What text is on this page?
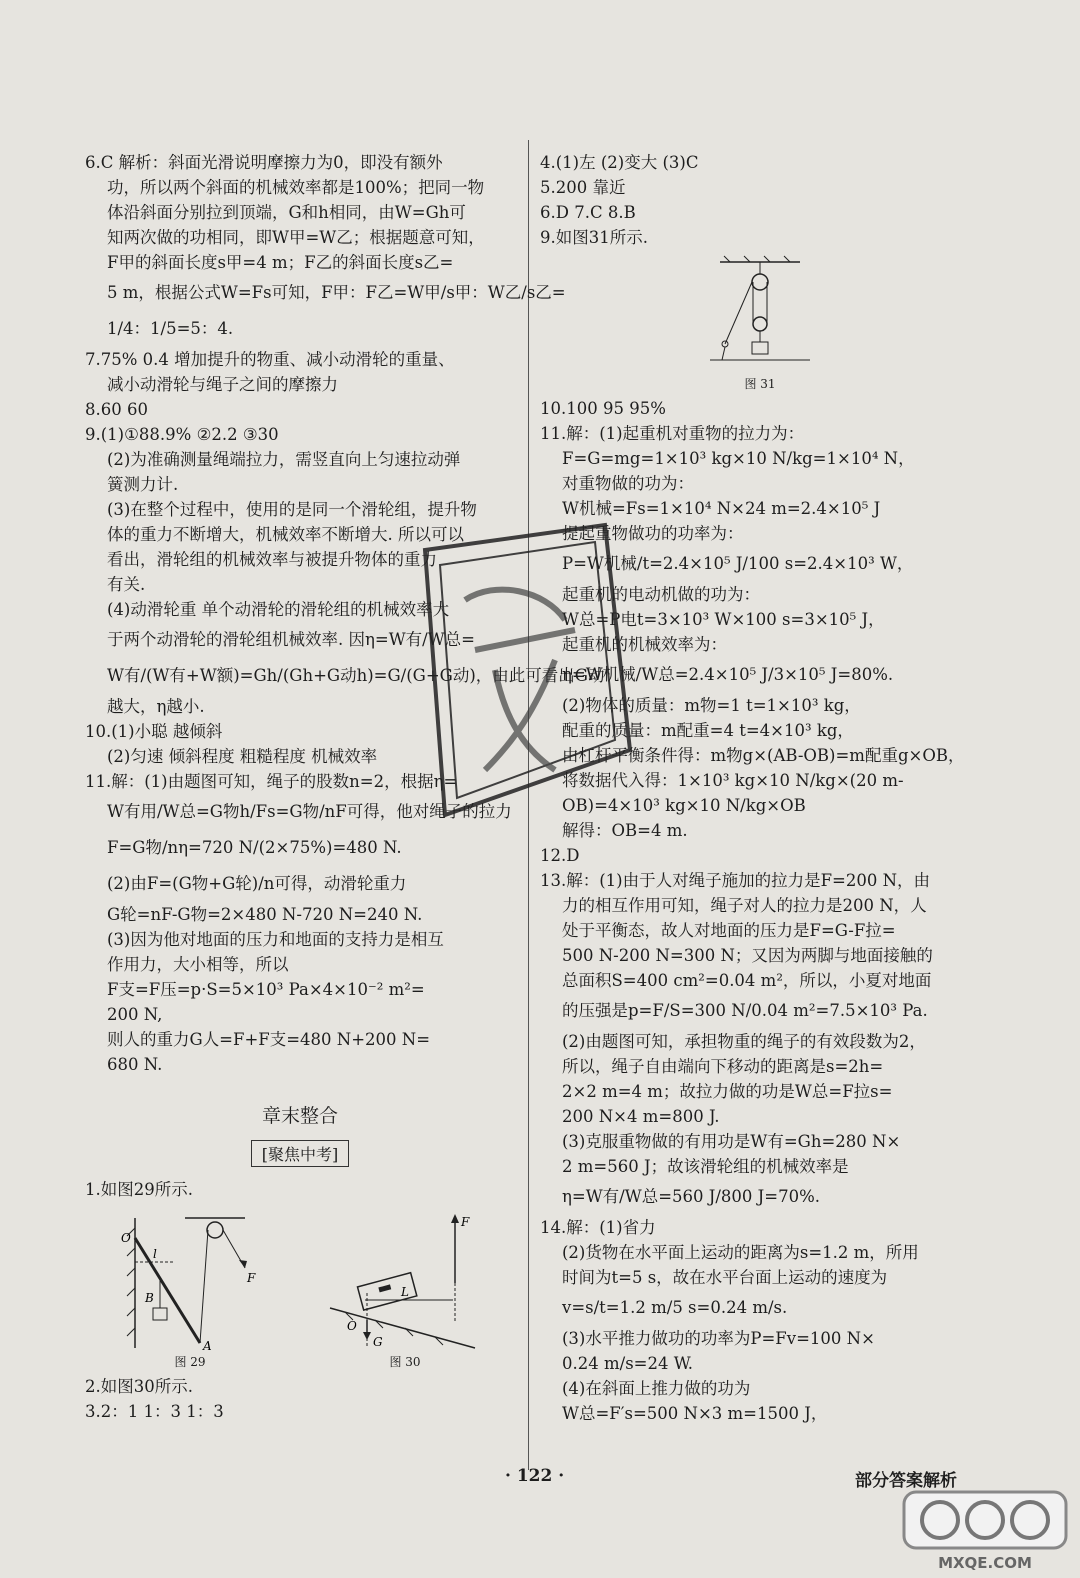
6.C 解析：斜面光滑说明摩擦力为0，即没有额外
功，所以两个斜面的机械效率都是100%；把同一物
体沿斜面分别拉到顶端，G和h相同，由W=Gh可
知两次做的功相同，即W甲=W乙；根据题意可知，
F甲的斜面长度s甲=4 m；F乙的斜面长度s乙=
5 m，根据公式W=Fs可知，F甲：F乙=W甲/s甲：W乙/s乙=
1/4：1/5=5：4.
7.75% 0.4 增加提升的物重、减小动滑轮的重量、
减小动滑轮与绳子之间的摩擦力
8.60 60
9.(1)①88.9% ②2.2 ③30
(2)为准确测量绳端拉力，需竖直向上匀速拉动弹
簧测力计.
(3)在整个过程中，使用的是同一个滑轮组，提升物
体的重力不断增大，机械效率不断增大. 所以可以
看出，滑轮组的机械效率与被提升物体的重力
有关.
(4)动滑轮重 单个动滑轮的滑轮组的机械效率大
于两个动滑轮的滑轮组机械效率. 因η=W有/W总=
W有/(W有+W额)=Gh/(Gh+G动h)=G/(G+G动)，由此可看出G动
越大，η越小.
10.(1)小聪 越倾斜
(2)匀速 倾斜程度 粗糙程度 机械效率
11.解：(1)由题图可知，绳子的股数n=2，根据η=
W有用/W总=G物h/Fs=G物/nF可得，他对绳子的拉力
F=G物/nη=720 N/(2×75%)=480 N.
(2)由F=(G物+G轮)/n可得，动滑轮重力
G轮=nF-G物=2×480 N-720 N=240 N.
(3)因为他对地面的压力和地面的支持力是相互
作用力，大小相等，所以
F支=F压=p·S=5×10³ Pa×4×10⁻² m²=
200 N,
则人的重力G人=F+F支=480 N+200 N=
680 N.
章末整合
[聚焦中考]
1.如图29所示.
O
l
F
B
A
图 29
F
L
O
G
图 30
2.如图30所示.
3.2：1 1：3 1：3
4.(1)左 (2)变大 (3)C
5.200 靠近
6.D 7.C 8.B
9.如图31所示.
图 31
10.100 95 95%
11.解：(1)起重机对重物的拉力为：
F=G=mg=1×10³ kg×10 N/kg=1×10⁴ N，
对重物做的功为：
W机械=Fs=1×10⁴ N×24 m=2.4×10⁵ J
提起重物做功的功率为：
P=W机械/t=2.4×10⁵ J/100 s=2.4×10³ W，
起重机的电动机做的功为：
W总=P电t=3×10³ W×100 s=3×10⁵ J，
起重机的机械效率为：
η=W机械/W总=2.4×10⁵ J/3×10⁵ J=80%.
(2)物体的质量：m物=1 t=1×10³ kg，
配重的质量：m配重=4 t=4×10³ kg，
由杠杆平衡条件得：m物g×(AB-OB)=m配重g×OB，
将数据代入得：1×10³ kg×10 N/kg×(20 m-
OB)=4×10³ kg×10 N/kg×OB
解得：OB=4 m.
12.D
13.解：(1)由于人对绳子施加的拉力是F=200 N，由
力的相互作用可知，绳子对人的拉力是200 N，人
处于平衡态，故人对地面的压力是F=G-F拉=
500 N-200 N=300 N；又因为两脚与地面接触的
总面积S=400 cm²=0.04 m²，所以，小夏对地面
的压强是p=F/S=300 N/0.04 m²=7.5×10³ Pa.
(2)由题图可知，承担物重的绳子的有效段数为2，
所以，绳子自由端向下移动的距离是s=2h=
2×2 m=4 m；故拉力做的功是W总=F拉s=
200 N×4 m=800 J.
(3)克服重物做的有用功是W有=Gh=280 N×
2 m=560 J；故该滑轮组的机械效率是
η=W有/W总=560 J/800 J=70%.
14.解：(1)省力
(2)货物在水平面上运动的距离为s=1.2 m，所用
时间为t=5 s，故在水平台面上运动的速度为
v=s/t=1.2 m/5 s=0.24 m/s.
(3)水平推力做功的功率为P=Fv=100 N×
0.24 m/s=24 W.
(4)在斜面上推力做的功为
W总=F′s=500 N×3 m=1500 J，
· 122 ·	部分答案解析
MXQE.COM
